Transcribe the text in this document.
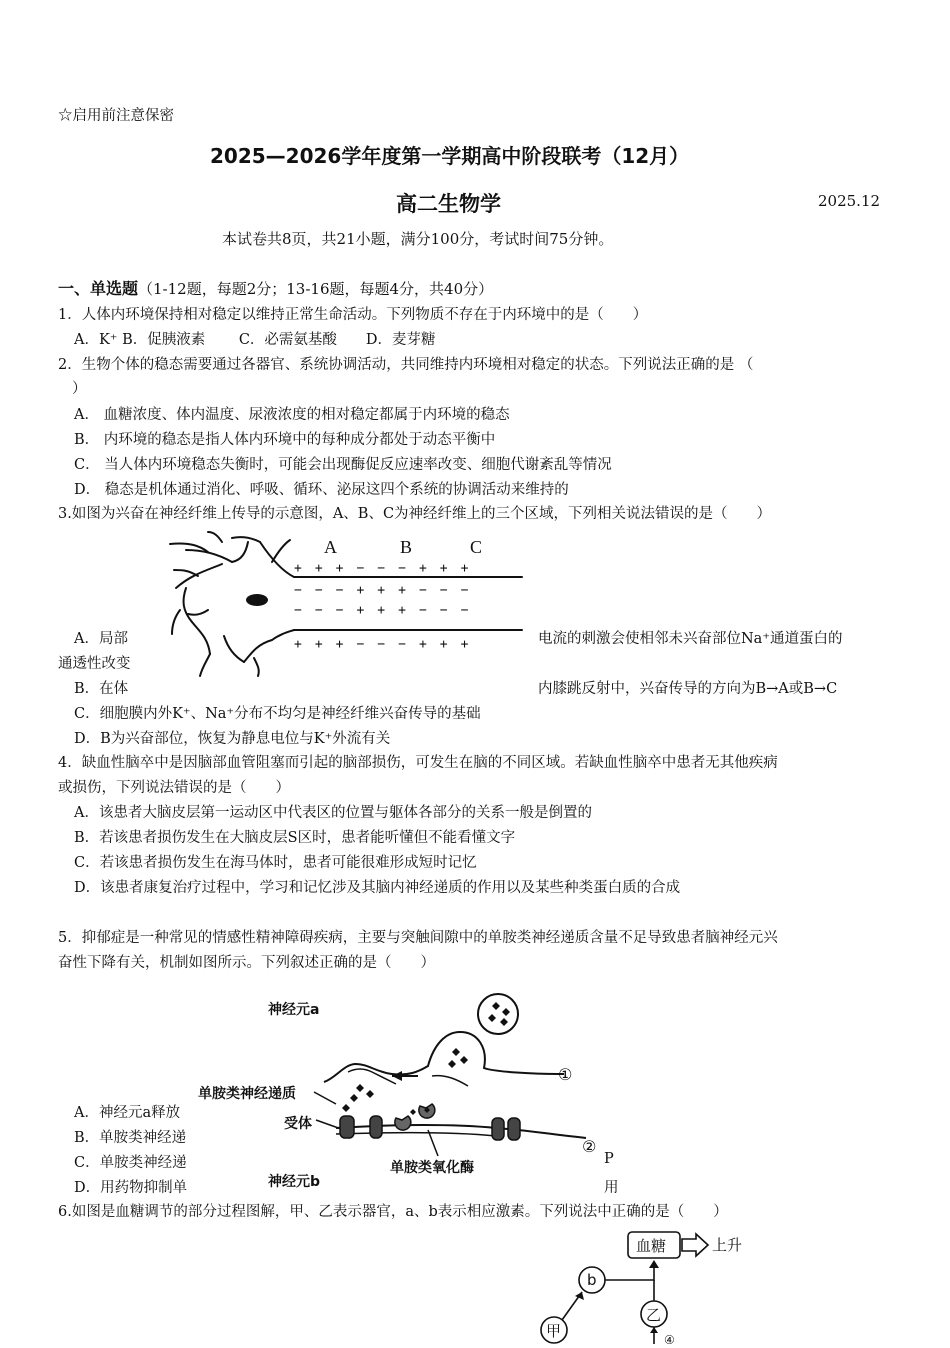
☆启用前注意保密
2025—2026学年度第一学期高中阶段联考（12月）
高二生物学	2025.12
本试卷共8页，共21小题，满分100分，考试时间75分钟。
一、单选题（1-12题，每题2分；13-16题，每题4分，共40分）
1．人体内环境保持相对稳定以维持正常生命活动。下列物质不存在于内环境中的是（　　）
A．K⁺ B．促胰液素　　 C．必需氨基酸　　D．麦芽糖
2．生物个体的稳态需要通过各器官、系统协调活动，共同维持内环境相对稳定的状态。下列说法正确的是 （
）
A． 血糖浓度、体内温度、尿液浓度的相对稳定都属于内环境的稳态
B． 内环境的稳态是指人体内环境中的每种成分都处于动态平衡中
C． 当人体内环境稳态失衡时，可能会出现酶促反应速率改变、细胞代谢紊乱等情况
D． 稳态是机体通过消化、呼吸、循环、泌尿这四个系统的协调活动来维持的
3.如图为兴奋在神经纤维上传导的示意图，A、B、C为神经纤维上的三个区域，下列相关说法错误的是（　　）
A．局部	电流的刺激会使相邻未兴奋部位Na⁺通道蛋白的
通透性改变
B．在体	内膝跳反射中，兴奋传导的方向为B→A或B→C
C．细胞膜内外K⁺、Na⁺分布不均匀是神经纤维兴奋传导的基础
D．B为兴奋部位，恢复为静息电位与K⁺外流有关
A	B	C
+　+　+　−　−　−　+　+　+
−　−　−　+　+　+　−　−　−
−　−　−　+　+　+　−　−　−
+　+　+　−　−　−　+　+　+
4．缺血性脑卒中是因脑部血管阻塞而引起的脑部损伤，可发生在脑的不同区域。若缺血性脑卒中患者无其他疾病
或损伤，下列说法错误的是（　　）
A．该患者大脑皮层第一运动区中代表区的位置与躯体各部分的关系一般是倒置的
B．若该患者损伤发生在大脑皮层S区时，患者能听懂但不能看懂文字
C．若该患者损伤发生在海马体时，患者可能很难形成短时记忆
D．该患者康复治疗过程中，学习和记忆涉及其脑内神经递质的作用以及某些种类蛋白质的合成
5．抑郁症是一种常见的情感性精神障碍疾病，主要与突触间隙中的单胺类神经递质含量不足导致患者脑神经元兴
奋性下降有关，机制如图所示。下列叙述正确的是（　　）
A．神经元a释放
B．单胺类神经递
C．单胺类神经递	P
D．用药物抑制单	用
神经元a
单胺类神经递质
受体
单胺类氧化酶
神经元b
①
②
6.如图是血糖调节的部分过程图解，甲、乙表示器官，a、b表示相应激素。下列说法中正确的是（　　）
血糖	上升
b
甲
乙
④
